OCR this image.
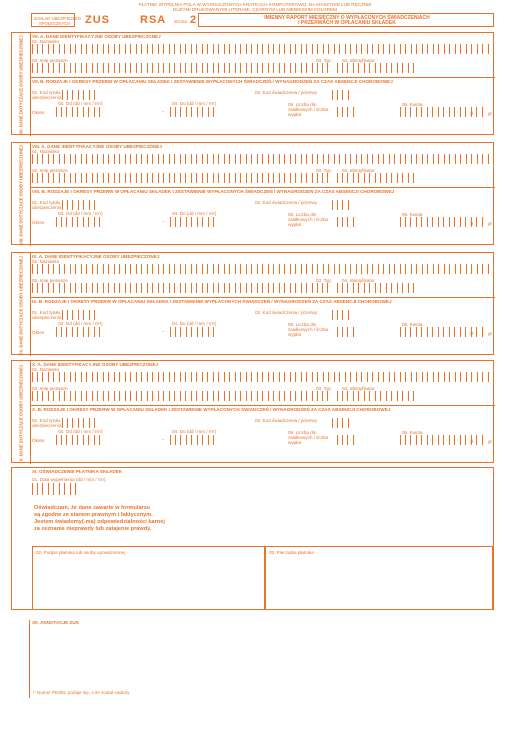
PŁATNIK WYPEŁNIA POLA W WYZNACZONYCH KRATKACH KOMPUTEROWO, NA MASZYNIE LUB RĘCZNIE
DUŻYMI DRUKOWANYMI LITERAMI, CZARNYM LUB NIEBIESKIM KOLOREM
ZAKŁAD UBEZPIECZEŃ
SPOŁECZNYCH ZUS	RSA strona 2	IMIENNY RAPORT MIESIĘCZNY O WYPŁACONYCH ŚWIADCZENIACH
I PRZERWACH W OPŁACANIU SKŁADEK
VII. DANE DOTYCZĄCE OSOBY UBEZPIECZONEJ VII. A. DANE IDENTYFIKACYJNE OSOBY UBEZPIECZONEJ
01. Nazwisko
02. Imię pierwsze	03. Typ 04. Identyfikator
VII. B. RODZAJE I OKRESY PRZERW W OPŁACANIU SKŁADEK I ZESTAWIENIE WYPŁACONYCH ŚWIADCZEŃ / WYNAGRODZEŃ ZA CZAS ABSENCJI CHOROBOWEJ
01. Kod tytułu
ubezpieczenia
02. Kod świadczenia / przerwy
Okres
03. Od (dd / mm / rrrr)
–
04. Do (dd / mm / rrrr)	05. Liczba dni
zasiłkowych / liczba
wypłat
06. Kwota
zł	gr
VIII. DANE DOTYCZĄCE OSOBY UBEZPIECZONEJ VIII. A. DANE IDENTYFIKACYJNE OSOBY UBEZPIECZONEJ
01. Nazwisko
02. Imię pierwsze	03. Typ 04. Identyfikator
VIII. B. RODZAJE I OKRESY PRZERW W OPŁACANIU SKŁADEK I ZESTAWIENIE WYPŁACONYCH ŚWIADCZEŃ / WYNAGRODZEŃ ZA CZAS ABSENCJI CHOROBOWEJ
01. Kod tytułu
ubezpieczenia
02. Kod świadczenia / przerwy
Okres
03. Od (dd / mm / rrrr)
–
04. Do (dd / mm / rrrr)	05. Liczba dni
zasiłkowych / liczba
wypłat
06. Kwota
zł	gr
IX. DANE DOTYCZĄCE OSOBY UBEZPIECZONEJ IX. A. DANE IDENTYFIKACYJNE OSOBY UBEZPIECZONEJ
01. Nazwisko
02. Imię pierwsze	03. Typ 04. Identyfikator
IX. B. RODZAJE I OKRESY PRZERW W OPŁACANIU SKŁADEK I ZESTAWIENIE WYPŁACONYCH ŚWIADCZEŃ / WYNAGRODZEŃ ZA CZAS ABSENCJI CHOROBOWEJ
01. Kod tytułu
ubezpieczenia
02. Kod świadczenia / przerwy
Okres
03. Od (dd / mm / rrrr)
–
04. Do (dd / mm / rrrr)	05. Liczba dni
zasiłkowych / liczba
wypłat
06. Kwota
zł	gr
X. DANE DOTYCZĄCE OSOBY UBEZPIECZONEJ X. A. DANE IDENTYFIKACYJNE OSOBY UBEZPIECZONEJ
01. Nazwisko
02. Imię pierwsze	03. Typ 04. Identyfikator
X. B. RODZAJE I OKRESY PRZERW W OPŁACANIU SKŁADEK I ZESTAWIENIE WYPŁACONYCH ŚWIADCZEŃ / WYNAGRODZEŃ ZA CZAS ABSENCJI CHOROBOWEJ
01. Kod tytułu
ubezpieczenia
02. Kod świadczenia / przerwy
Okres
03. Od (dd / mm / rrrr)
–
04. Do (dd / mm / rrrr)	05. Liczba dni
zasiłkowych / liczba
wypłat
06. Kwota
zł	gr
XI. OŚWIADCZENIE PŁATNIKA SKŁADEK
01. Data wypełnienia (dd / mm / rrrr)
Oświadczam, że dane zawarte w formularzu
są zgodne ze stanem prawnym i faktycznym.
Jestem świadomy(-ma) odpowiedzialności karnej
za zeznanie nieprawdy lub zatajenie prawdy.
02. Podpis płatnika lub osoby upoważnionej	03. Pieczątka płatnika
XII. ADNOTACJE ZUS
¹⁾ Numer PESEL podaje się, o ile został nadany.
